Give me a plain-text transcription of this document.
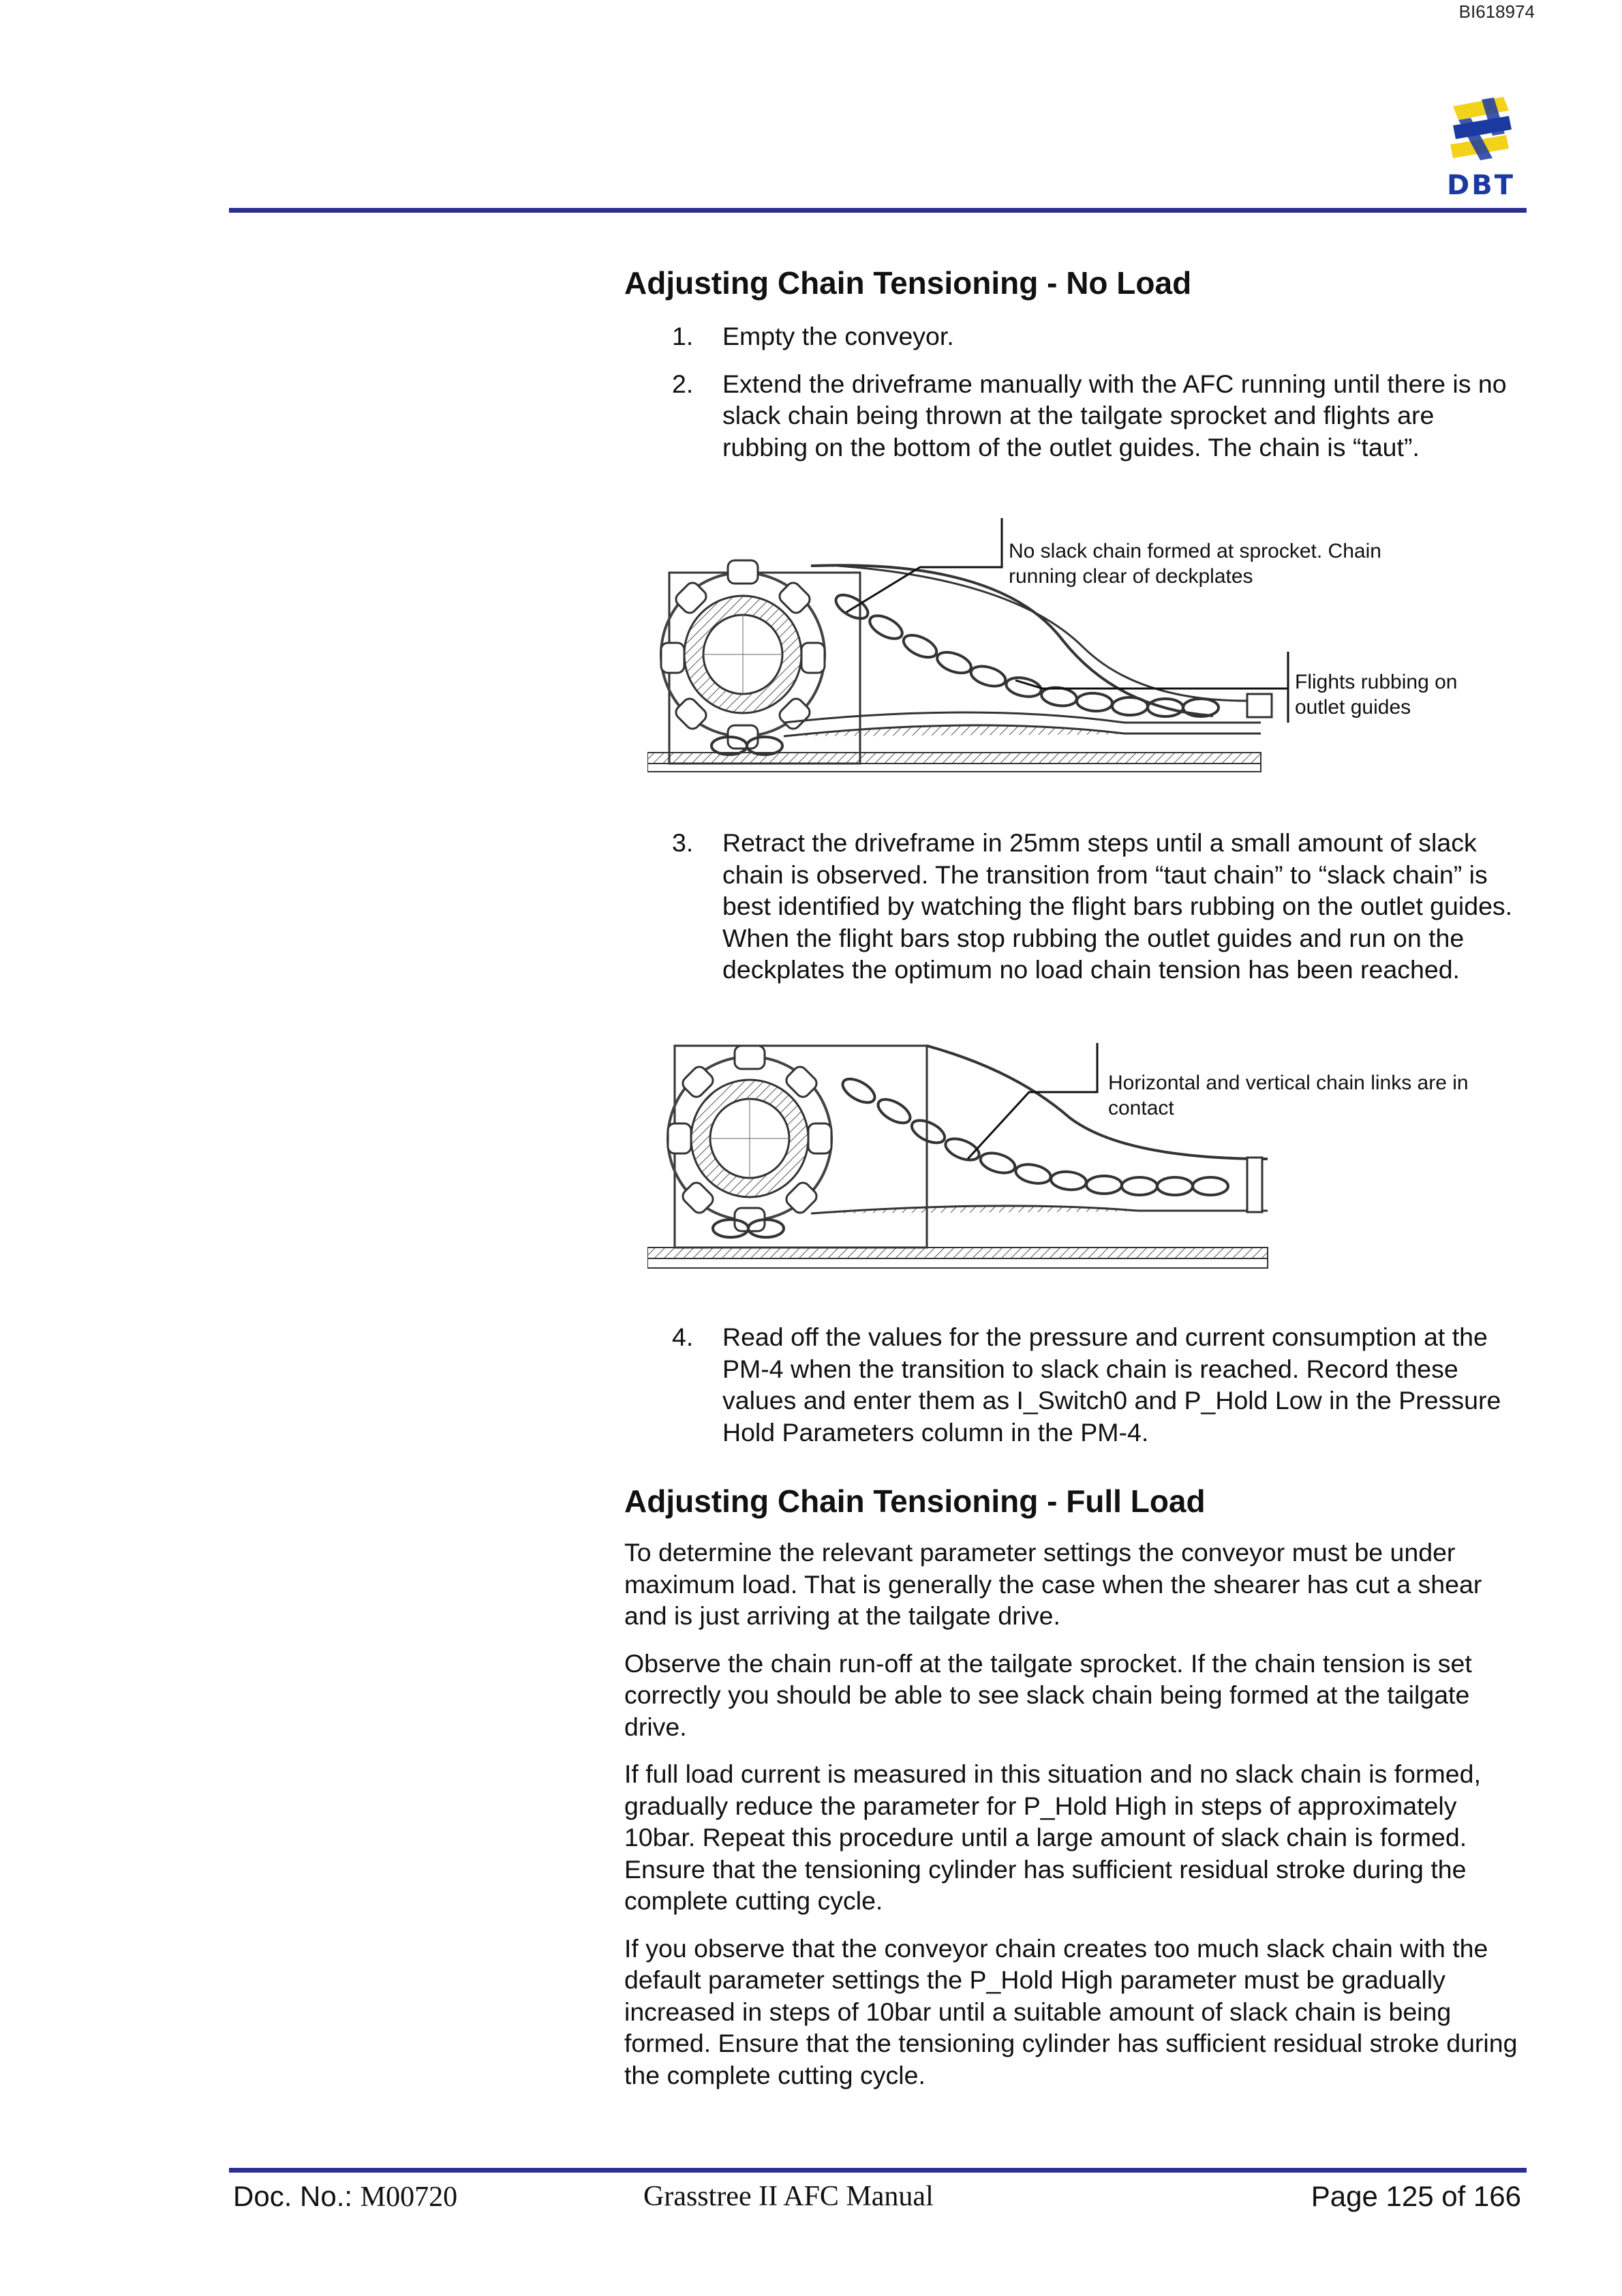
BI618974
DBT
Adjusting Chain Tensioning - No Load
1. Empty the conveyor.
2. Extend the driveframe manually with the AFC running until there is no slack chain being thrown at the tailgate sprocket and flights are rubbing on the bottom of the outlet guides. The chain is “taut”.
No slack chain formed at sprocket. Chain running clear of deckplates
Flights rubbing on outlet guides
3. Retract the driveframe in 25mm steps until a small amount of slack chain is observed. The transition from “taut chain” to “slack chain” is best identified by watching the flight bars rubbing on the outlet guides. When the flight bars stop rubbing the outlet guides and run on the deckplates the optimum no load chain tension has been reached.
Horizontal and vertical chain links are in contact
4. Read off the values for the pressure and current consumption at the PM-4 when the transition to slack chain is reached. Record these values and enter them as I_Switch0 and P_Hold Low in the Pressure Hold Parameters column in the PM-4.
Adjusting Chain Tensioning - Full Load

To determine the relevant parameter settings the conveyor must be under maximum load. That is generally the case when the shearer has cut a shear and is just arriving at the tailgate drive.

Observe the chain run-off at the tailgate sprocket. If the chain tension is set correctly you should be able to see slack chain being formed at the tailgate drive.

If full load current is measured in this situation and no slack chain is formed, gradually reduce the parameter for P_Hold High in steps of approximately 10bar. Repeat this procedure until a large amount of slack chain is formed. Ensure that the tensioning cylinder has sufficient residual stroke during the complete cutting cycle.

If you observe that the conveyor chain creates too much slack chain with the default parameter settings the P_Hold High parameter must be gradually increased in steps of 10bar until a suitable amount of slack chain is being formed. Ensure that the tensioning cylinder has sufficient residual stroke during the complete cutting cycle.

Doc. No.: M00720	Grasstree II AFC Manual	Page 125 of 166
